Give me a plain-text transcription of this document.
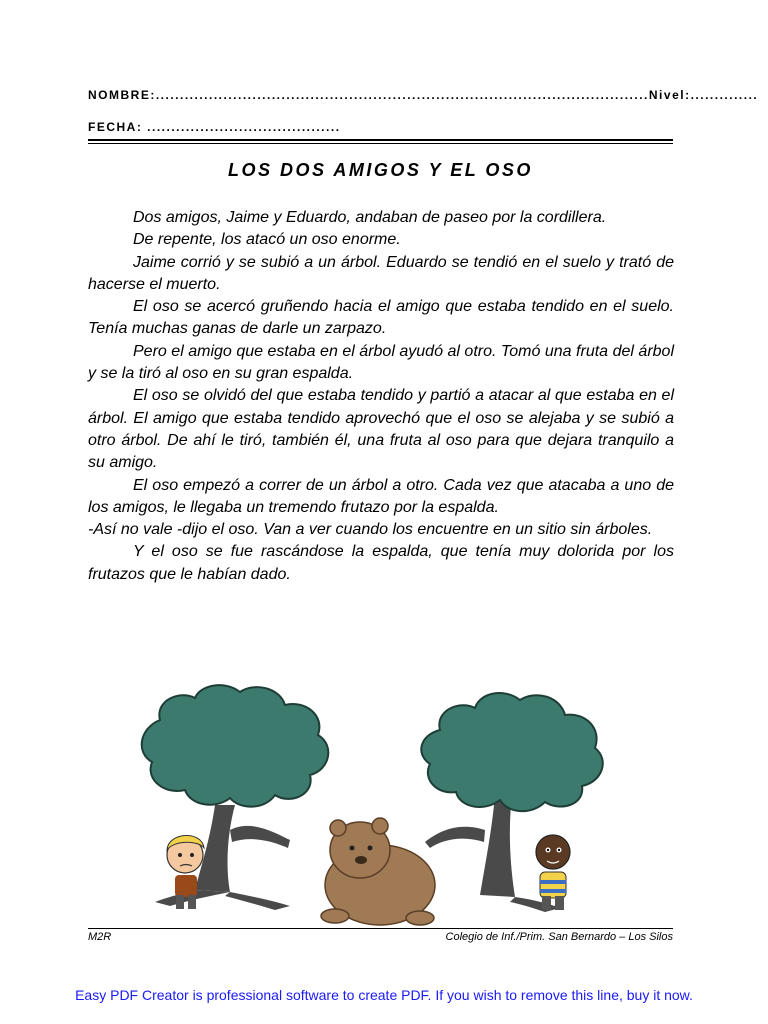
NOMBRE:......................................................................................................Nivel:..............
FECHA: ........................................
LOS DOS AMIGOS Y EL OSO

Dos amigos, Jaime y Eduardo, andaban de paseo por la cordillera.

De repente, los atacó un oso enorme.

Jaime corrió y se subió a un árbol. Eduardo se tendió en el suelo y trató de hacerse el muerto.

El oso se acercó gruñendo hacia el amigo que estaba tendido en el suelo. Tenía muchas ganas de darle un zarpazo.

Pero el amigo que estaba en el árbol ayudó al otro. Tomó una fruta del árbol y se la tiró al oso en su gran espalda.

El oso se olvidó del que estaba tendido y partió a atacar al que estaba en el árbol. El amigo que estaba tendido aprovechó que el oso se alejaba y se subió a otro árbol. De ahí le tiró, también él, una fruta al oso para que dejara tranquilo a su amigo.

El oso empezó a correr de un árbol a otro. Cada vez que atacaba a uno de los amigos, le llegaba un tremendo frutazo por la espalda.

-Así no vale -dijo el oso. Van a ver cuando los encuentre en un sitio sin árboles.

Y el oso se fue rascándose la espalda, que tenía muy dolorida por los frutazos que le habían dado.

M2R	Colegio de Inf./Prim. San Bernardo – Los Silos
Easy PDF Creator is professional software to create PDF. If you wish to remove this line, buy it now.
